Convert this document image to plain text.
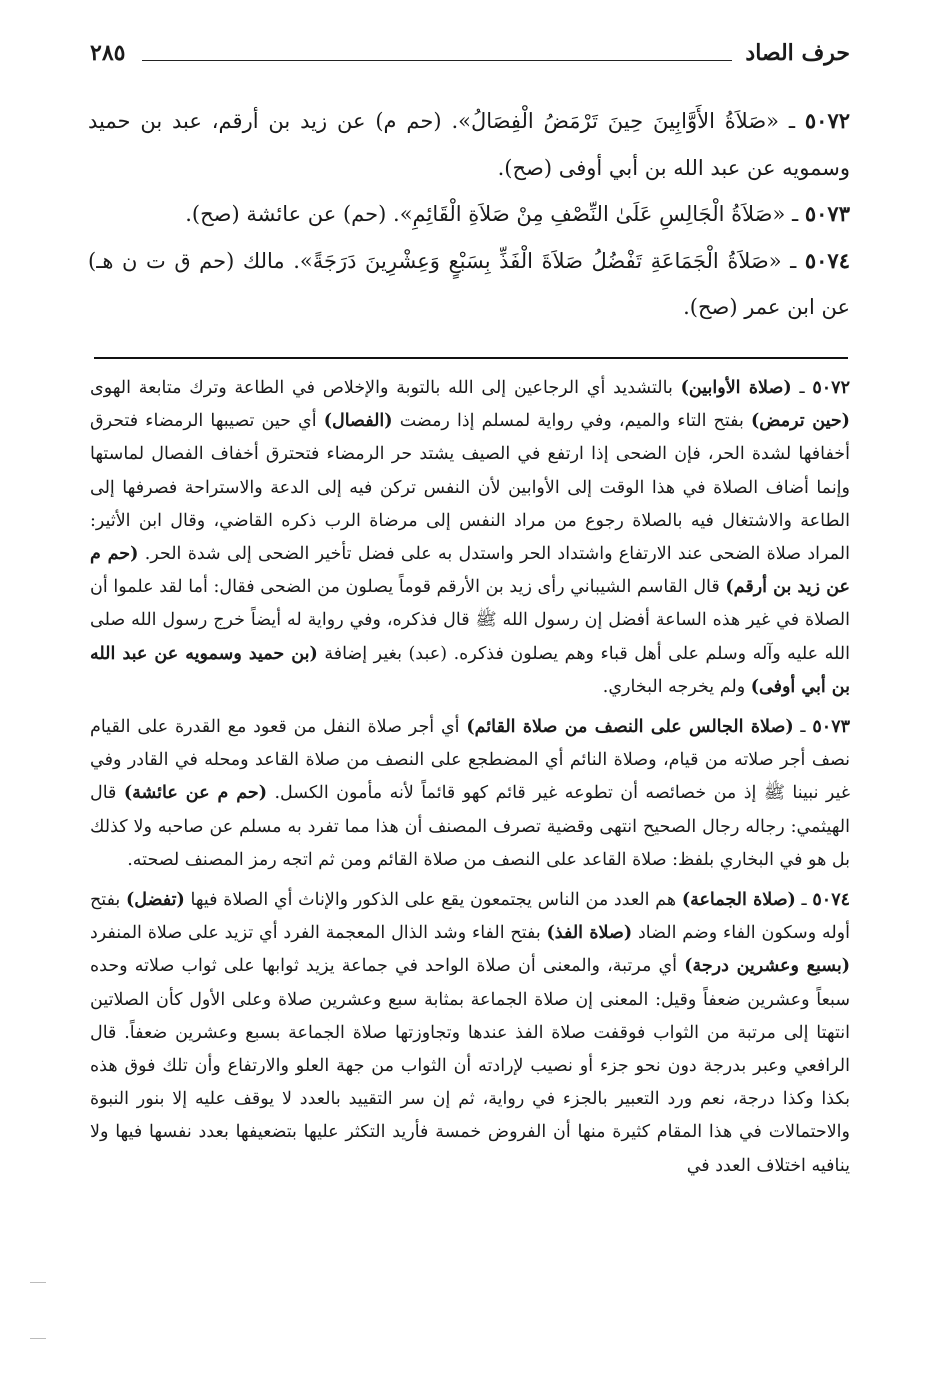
حرف الصاد
٢٨٥

٥٠٧٢ ـ «صَلاَةُ الأَوَّابِينَ حِينَ تَرْمَضُ الْفِصَالُ». (حم م) عن زيد بن أرقم، عبد بن حميد وسمويه عن عبد الله بن أبي أوفى (صح).

٥٠٧٣ ـ «صَلاَةُ الْجَالِسِ عَلَىٰ النِّصْفِ مِنْ صَلاَةِ الْقَائِمِ». (حم) عن عائشة (صح).

٥٠٧٤ ـ «صَلاَةُ الْجَمَاعَةِ تَفْضُلُ صَلاَةَ الْفَذِّ بِسَبْعٍ وَعِشْرِينَ دَرَجَةً». مالك (حم ق ت ن هـ) عن ابن عمر (صح).

٥٠٧٢ ـ (صلاة الأوابين) بالتشديد أي الرجاعين إلى الله بالتوبة والإخلاص في الطاعة وترك متابعة الهوى (حين ترمض) بفتح التاء والميم، وفي رواية لمسلم إذا رمضت (الفصال) أي حين تصيبها الرمضاء فتحرق أخفافها لشدة الحر، فإن الضحى إذا ارتفع في الصيف يشتد حر الرمضاء فتحترق أخفاف الفصال لماستها وإنما أضاف الصلاة في هذا الوقت إلى الأوابين لأن النفس تركن فيه إلى الدعة والاستراحة فصرفها إلى الطاعة والاشتغال فيه بالصلاة رجوع من مراد النفس إلى مرضاة الرب ذكره القاضي، وقال ابن الأثير: المراد صلاة الضحى عند الارتفاع واشتداد الحر واستدل به على فضل تأخير الضحى إلى شدة الحر. (حم م عن زيد بن أرقم) قال القاسم الشيباني رأى زيد بن الأرقم قوماً يصلون من الضحى فقال: أما لقد علموا أن الصلاة في غير هذه الساعة أفضل إن رسول الله ﷺ قال فذكره، وفي رواية له أيضاً خرج رسول الله صلى الله عليه وآله وسلم على أهل قباء وهم يصلون فذكره. (عبد) بغير إضافة (بن حميد وسمويه عن عبد الله بن أبي أوفى) ولم يخرجه البخاري.

٥٠٧٣ ـ (صلاة الجالس على النصف من صلاة القائم) أي أجر صلاة النفل من قعود مع القدرة على القيام نصف أجر صلاته من قيام، وصلاة النائم أي المضطجع على النصف من صلاة القاعد ومحله في القادر وفي غير نبينا ﷺ إذ من خصائصه أن تطوعه غير قائم كهو قائماً لأنه مأمون الكسل. (حم م عن عائشة) قال الهيثمي: رجاله رجال الصحيح انتهى وقضية تصرف المصنف أن هذا مما تفرد به مسلم عن صاحبه ولا كذلك بل هو في البخاري بلفظ: صلاة القاعد على النصف من صلاة القائم ومن ثم اتجه رمز المصنف لصحته.

٥٠٧٤ ـ (صلاة الجماعة) هم العدد من الناس يجتمعون يقع على الذكور والإناث أي الصلاة فيها (تفضل) بفتح أوله وسكون الفاء وضم الضاد (صلاة الفذ) بفتح الفاء وشد الذال المعجمة الفرد أي تزيد على صلاة المنفرد (بسبع وعشرين درجة) أي مرتبة، والمعنى أن صلاة الواحد في جماعة يزيد ثوابها على ثواب صلاته وحده سبعاً وعشرين ضعفاً وقيل: المعنى إن صلاة الجماعة بمثابة سبع وعشرين صلاة وعلى الأول كأن الصلاتين انتهتا إلى مرتبة من الثواب فوقفت صلاة الفذ عندها وتجاوزتها صلاة الجماعة بسبع وعشرين ضعفاً. قال الرافعي وعبر بدرجة دون نحو جزء أو نصيب لإرادته أن الثواب من جهة العلو والارتفاع وأن تلك فوق هذه بكذا وكذا درجة، نعم ورد التعبير بالجزء في رواية، ثم إن سر التقييد بالعدد لا يوقف عليه إلا بنور النبوة والاحتمالات في هذا المقام كثيرة منها أن الفروض خمسة فأريد التكثر عليها بتضعيفها بعدد نفسها فيها ولا ينافيه اختلاف العدد في
